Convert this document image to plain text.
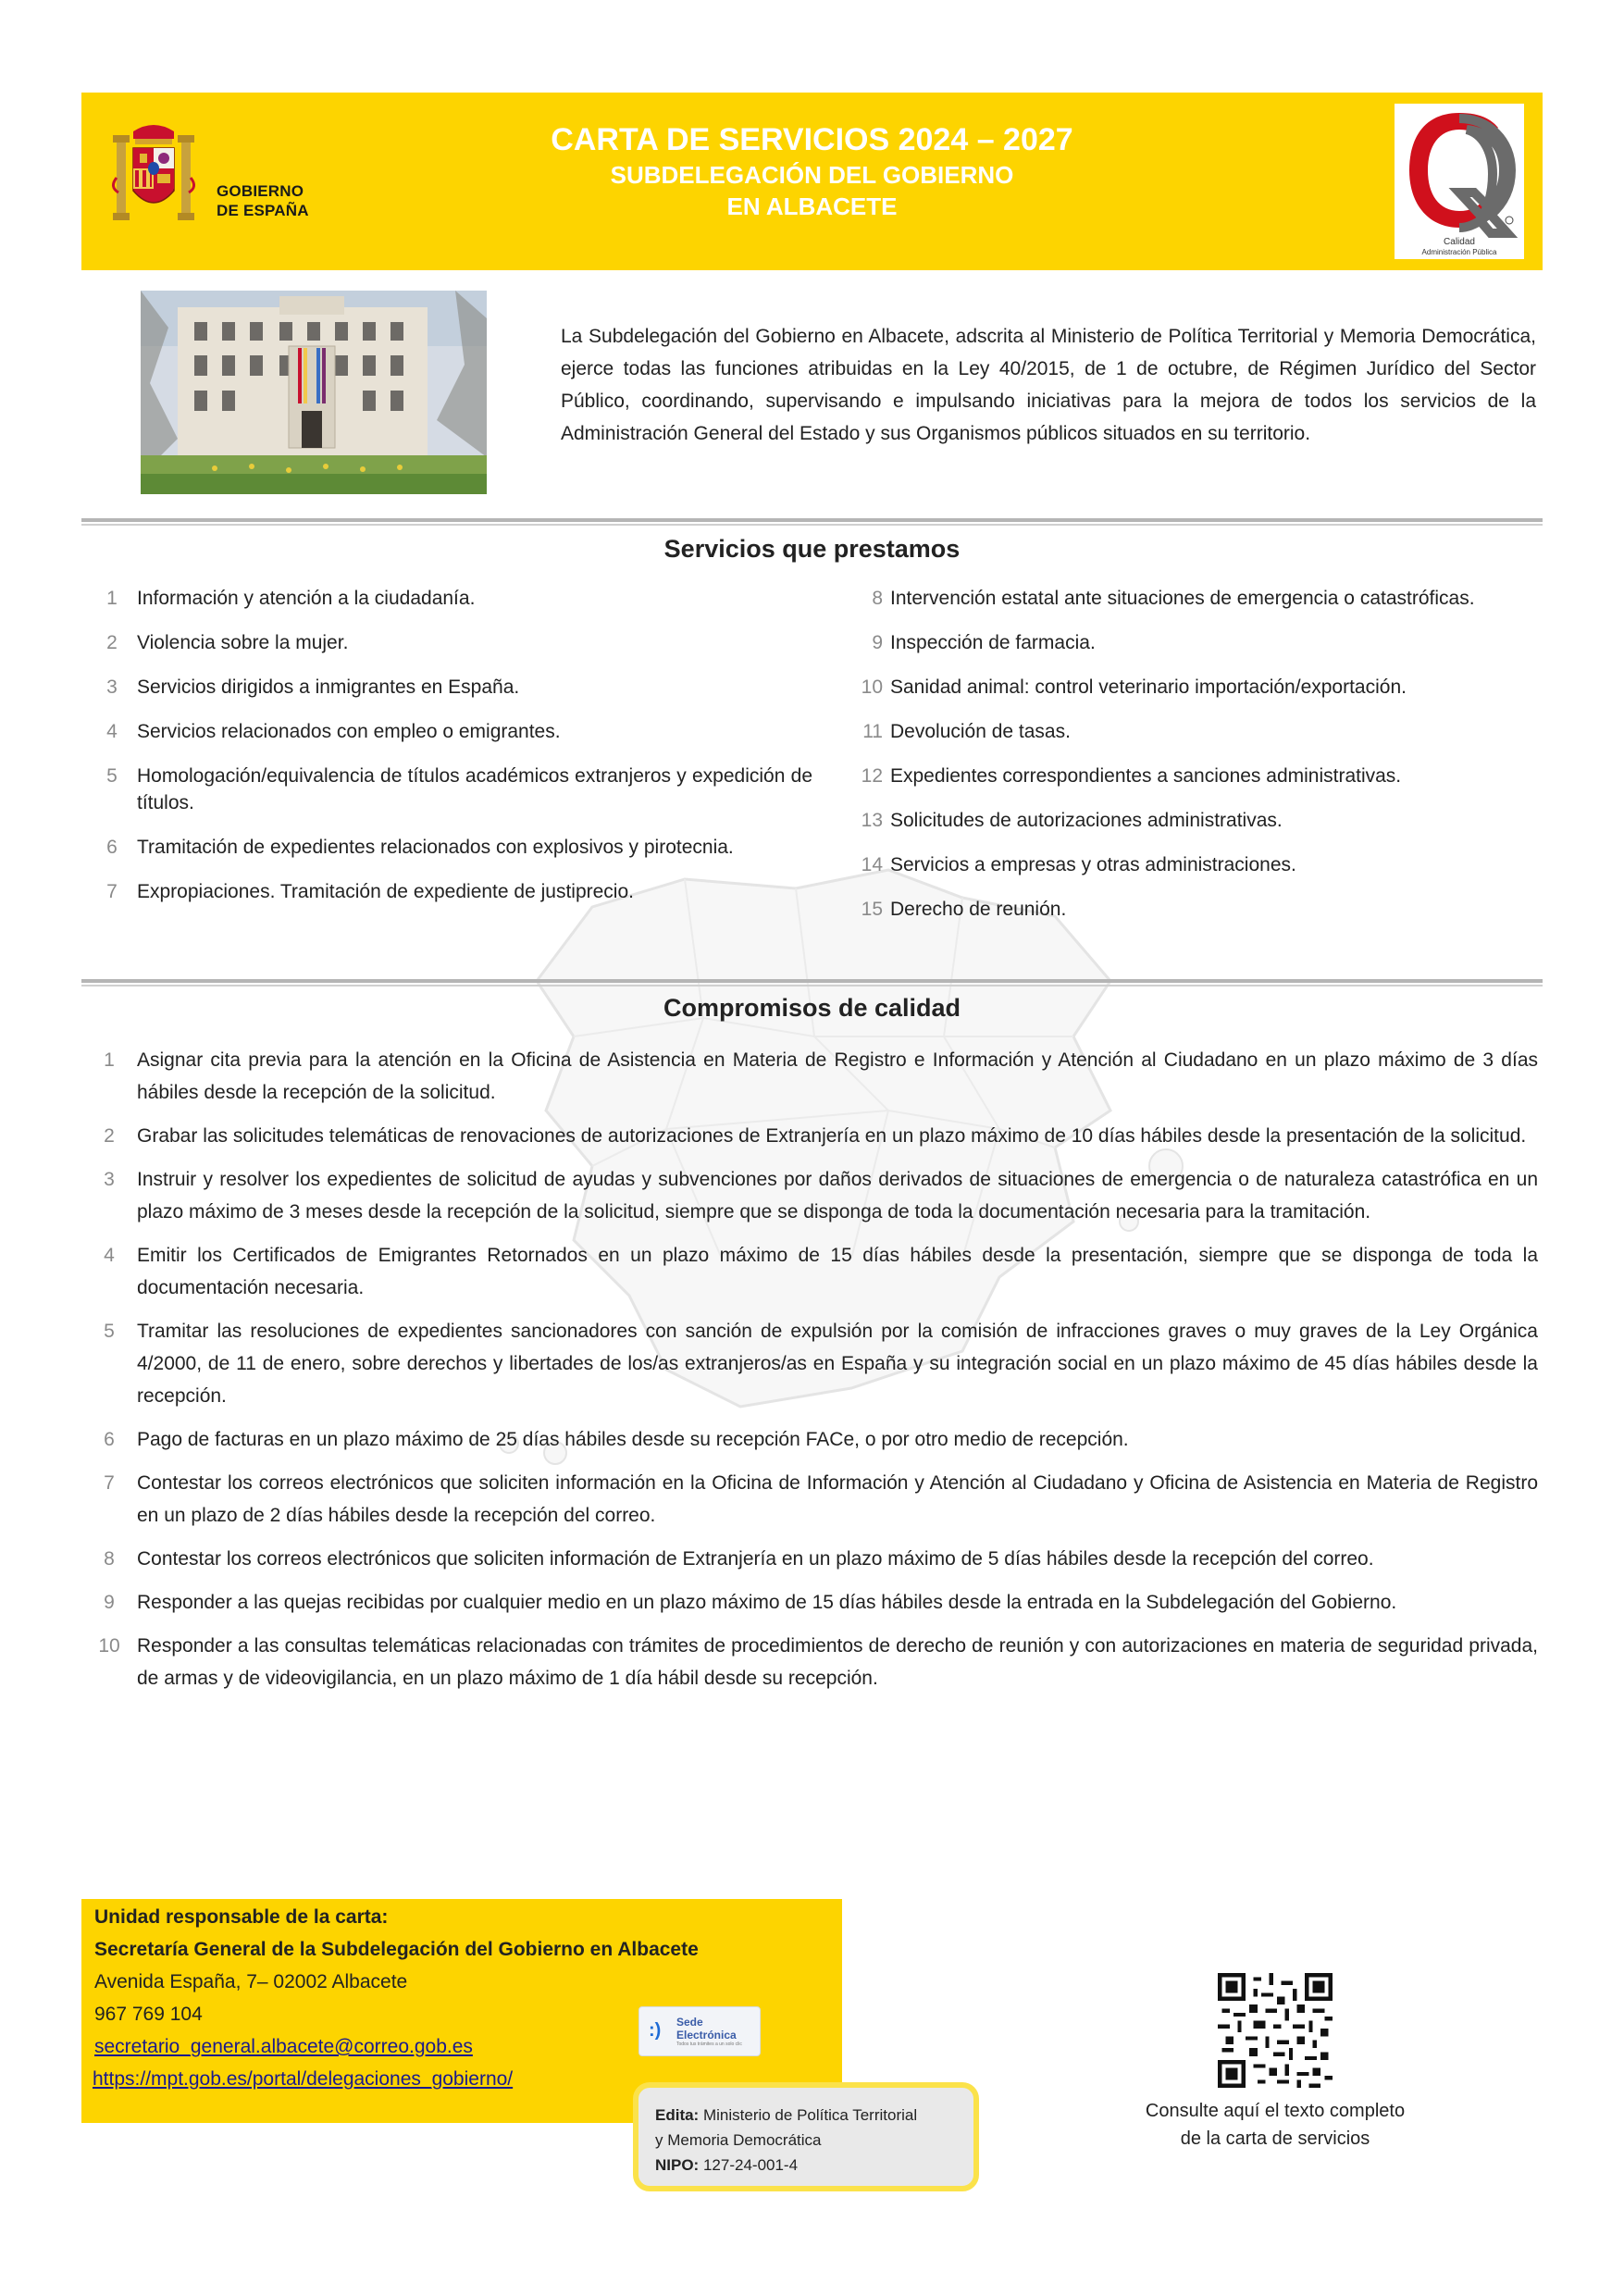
GOBIERNO
DE ESPAÑA
CARTA DE SERVICIOS 2024 – 2027
SUBDELEGACIÓN DEL GOBIERNO
EN ALBACETE
Calidad
Administración Pública
La Subdelegación del Gobierno en Albacete, adscrita al Ministerio de Política Territorial y Memoria Democrática, ejerce todas las funciones atribuidas en la Ley 40/2015, de 1 de octubre, de Régimen Jurídico del Sector Público, coordinando, supervisando e impulsando iniciativas para la mejora de todos los servicios de la Administración General del Estado y sus Organismos públicos situados en su territorio.
Servicios que prestamos
1	Información y atención a la ciudadanía.
2	Violencia sobre la mujer.
3	Servicios dirigidos a inmigrantes en España.
4	Servicios relacionados con empleo o emigrantes.
5	Homologación/equivalencia de títulos académicos extranjeros y expedición de títulos.
6	Tramitación de expedientes relacionados con explosivos y pirotecnia.
7	Expropiaciones. Tramitación de expediente de justiprecio.
8 Intervención estatal ante situaciones de emergencia o catastróficas.
9 Inspección de farmacia.
10 Sanidad animal: control veterinario importación/exportación.
11 Devolución de tasas.
12 Expedientes correspondientes a sanciones administrativas.
13 Solicitudes de autorizaciones administrativas.
14 Servicios a empresas y otras administraciones.
15 Derecho de reunión.
Compromisos de calidad
1	Asignar cita previa para la atención en la Oficina de Asistencia en Materia de Registro e Información y Atención al Ciudadano en un plazo máximo de 3 días hábiles desde la recepción de la solicitud.
2	Grabar las solicitudes telemáticas de renovaciones de autorizaciones de Extranjería en un plazo máximo de 10 días hábiles desde la presentación de la solicitud.
3	Instruir y resolver los expedientes de solicitud de ayudas y subvenciones por daños derivados de situaciones de emergencia o de naturaleza catastrófica en un plazo máximo de 3 meses desde la recepción de la solicitud, siempre que se disponga de toda la documentación necesaria para la tramitación.
4	Emitir los Certificados de Emigrantes Retornados en un plazo máximo de 15 días hábiles desde la presentación, siempre que se disponga de toda la documentación necesaria.
5	Tramitar las resoluciones de expedientes sancionadores con sanción de expulsión por la comisión de infracciones graves o muy graves de la Ley Orgánica 4/2000, de 11 de enero, sobre derechos y libertades de los/as extranjeros/as en España y su integración social en un plazo máximo de 45 días hábiles desde la recepción.
6	Pago de facturas en un plazo máximo de 25 días hábiles desde su recepción FACe, o por otro medio de recepción.
7	Contestar los correos electrónicos que soliciten información en la Oficina de Información y Atención al Ciudadano y Oficina de Asistencia en Materia de Registro en un plazo de 2 días hábiles desde la recepción del correo.
8	Contestar los correos electrónicos que soliciten información de Extranjería en un plazo máximo de 5 días hábiles desde la recepción del correo.
9	Responder a las quejas recibidas por cualquier medio en un plazo máximo de 15 días hábiles desde la entrada en la Subdelegación del Gobierno.
10 Responder a las consultas telemáticas relacionadas con trámites de procedimientos de derecho de reunión y con autorizaciones en materia de seguridad privada, de armas y de videovigilancia, en un plazo máximo de 1 día hábil desde su recepción.
Unidad responsable de la carta:
Secretaría General de la Subdelegación del Gobierno en Albacete
Avenida España, 7– 02002 Albacete
967 769 104
secretario_general.albacete@correo.gob.es
https://mpt.gob.es/portal/delegaciones_gobierno/
:) Sede
Electrónica
Todos tus trámites a un solo clic
Edita: Ministerio de Política Territorial
y Memoria Democrática
NIPO: 127-24-001-4
Consulte aquí el texto completo
de la carta de servicios
